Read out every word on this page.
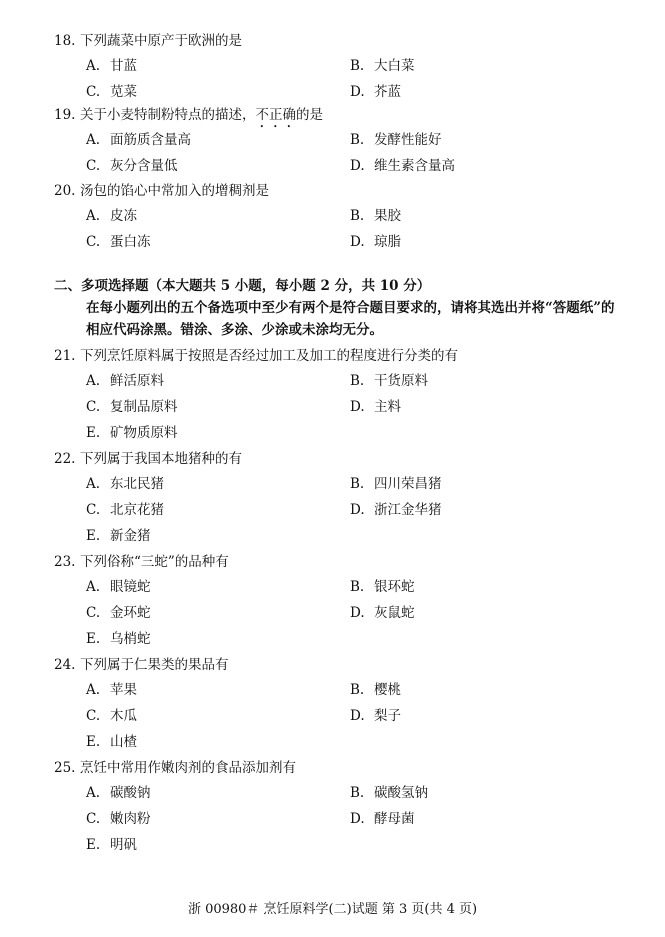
18. 下列蔬菜中原产于欧洲的是
A. 甘蓝	B. 大白菜
C. 苋菜	D. 芥蓝
19. 关于小麦特制粉特点的描述，不正确的是
A. 面筋质含量高	B. 发酵性能好
C. 灰分含量低	D. 维生素含量高
20. 汤包的馅心中常加入的增稠剂是
A. 皮冻	B. 果胶
C. 蛋白冻	D. 琼脂
二、多项选择题（本大题共 5 小题，每小题 2 分，共 10 分）
在每小题列出的五个备选项中至少有两个是符合题目要求的，请将其选出并将“答题纸”的相应代码涂黑。错涂、多涂、少涂或未涂均无分。
21. 下列烹饪原料属于按照是否经过加工及加工的程度进行分类的有
A. 鲜活原料	B. 干货原料
C. 复制品原料	D. 主料
E. 矿物质原料
22. 下列属于我国本地猪种的有
A. 东北民猪	B. 四川荣昌猪
C. 北京花猪	D. 浙江金华猪
E. 新金猪
23. 下列俗称“三蛇”的品种有
A. 眼镜蛇	B. 银环蛇
C. 金环蛇	D. 灰鼠蛇
E. 乌梢蛇
24. 下列属于仁果类的果品有
A. 苹果	B. 樱桃
C. 木瓜	D. 梨子
E. 山楂
25. 烹饪中常用作嫩肉剂的食品添加剂有
A. 碳酸钠	B. 碳酸氢钠
C. 嫩肉粉	D. 酵母菌
E. 明矾
浙 00980＃ 烹饪原料学(二)试题 第 3 页(共 4 页)
